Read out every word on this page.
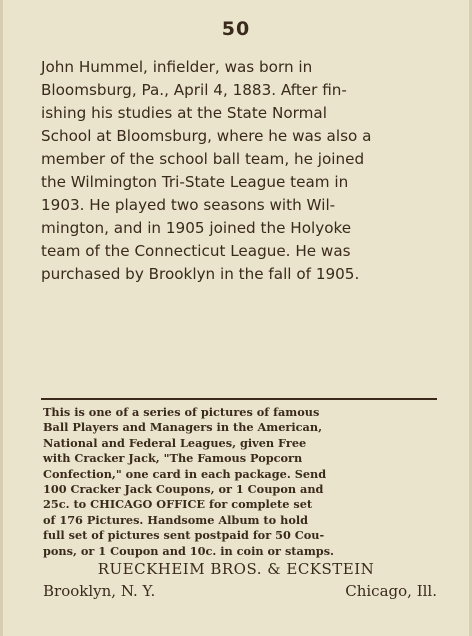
50
John Hummel, infielder, was born in
Bloomsburg, Pa., April 4, 1883. After fin-
ishing his studies at the State Normal
School at Bloomsburg, where he was also a
member of the school ball team, he joined
the Wilmington Tri-State League team in
1903. He played two seasons with Wil-
mington, and in 1905 joined the Holyoke
team of the Connecticut League. He was
purchased by Brooklyn in the fall of 1905.
This is one of a series of pictures of famous
Ball Players and Managers in the American,
National and Federal Leagues, given Free
with Cracker Jack, "The Famous Popcorn
Confection," one card in each package. Send
100 Cracker Jack Coupons, or 1 Coupon and
25c. to CHICAGO OFFICE for complete set
of 176 Pictures. Handsome Album to hold
full set of pictures sent postpaid for 50 Cou-
pons, or 1 Coupon and 10c. in coin or stamps.
RUECKHEIM BROS. & ECKSTEIN
Brooklyn, N. Y.	Chicago, Ill.
